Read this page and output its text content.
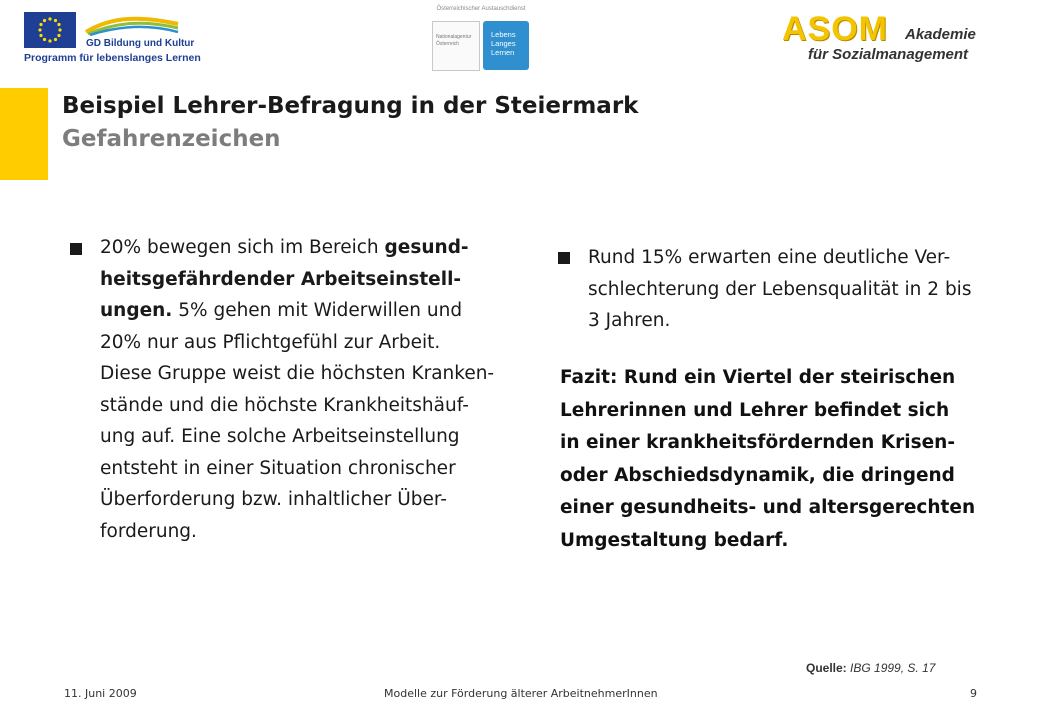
GD Bildung und Kultur
Programm für lebenslanges Lernen
Österreichischer Austauschdienst
Nationalagentur
Österreich
Lebens
Langes
Lernen
ASOM Akademie
für Sozialmanagement
Beispiel Lehrer-Befragung in der Steiermark
Gefahrenzeichen
20% bewegen sich im Bereich gesund-
heitsgefährdender Arbeitseinstell-
ungen. 5% gehen mit Widerwillen und
20% nur aus Pflichtgefühl zur Arbeit.
Diese Gruppe weist die höchsten Kranken-
stände und die höchste Krankheitshäuf-
ung auf. Eine solche Arbeitseinstellung
entsteht in einer Situation chronischer
Überforderung bzw. inhaltlicher Über-
forderung.
Rund 15% erwarten eine deutliche Ver-
schlechterung der Lebensqualität in 2 bis
3 Jahren.
Fazit: Rund ein Viertel der steirischen
Lehrerinnen und Lehrer befindet sich
in einer krankheitsfördernden Krisen-
oder Abschiedsdynamik, die dringend
einer gesundheits- und altersgerechten
Umgestaltung bedarf.
Quelle: IBG 1999, S. 17
11. Juni 2009	Modelle zur Förderung älterer ArbeitnehmerInnen	9
